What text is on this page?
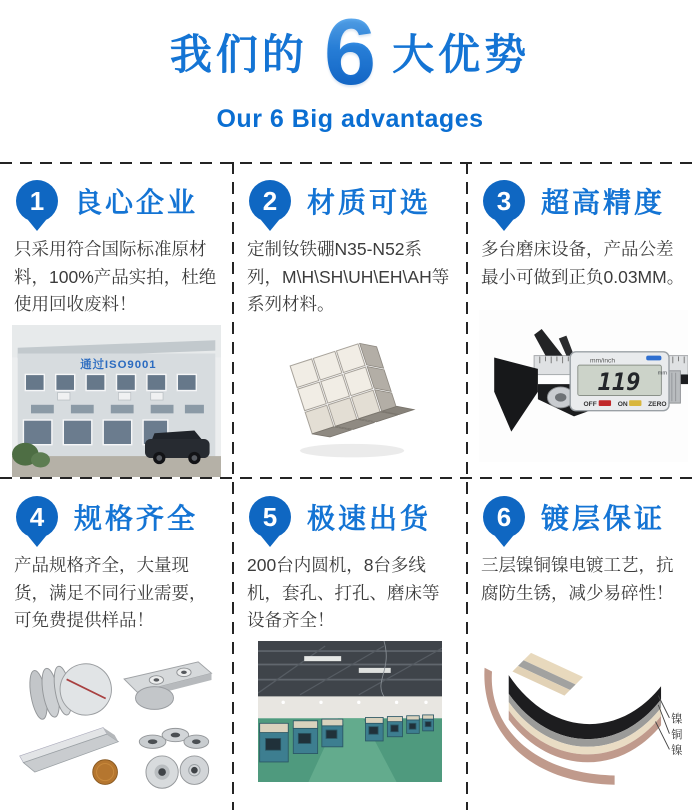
我们的 6 大优势
Our 6 Big advantages
1 良心企业

只采用符合国际标准原材料，100%产品实拍，杜绝使用回收废料！

通过ISO9001
2 材质可选

定制钕铁硼N35-N52系列，M\H\SH\UH\EH\AH等系列材料。

3 超高精度

多台磨床设备，产品公差最小可做到正负0.03MM。

mm/inch
119	mm
OFF	ON	ZERO
4 规格齐全

产品规格齐全，大量现货，满足不同行业需要，可免费提供样品！

5 极速出货

200台内圆机，8台多线机，套孔、打孔、磨床等设备齐全！

6 镀层保证

三层镍铜镍电镀工艺，抗腐防生锈，减少易碎性！

镍
铜
镍
